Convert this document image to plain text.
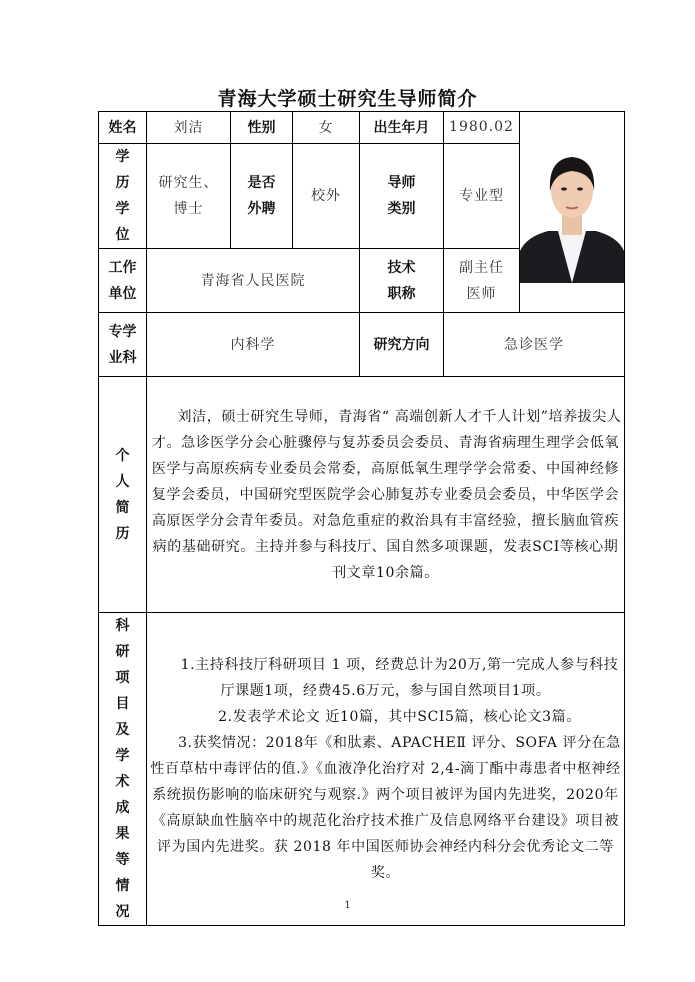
青海大学硕士研究生导师简介
姓名	刘洁	性别	女	出生年月	1980.02	
学历学位	研究生、博士	是否外聘	校外	导师类别	专业型	
工作单位	青海省人民医院			技术职称	副主任医师	
专学业科	内科学			研究方向	急诊医学	
个人简历	刘洁，硕士研究生导师，青海省“ 高端创新人才千人计划”培养拔尖人才。急诊医学分会心脏骤停与复苏委员会委员、青海省病理生理学会低氧医学与高原疾病专业委员会常委，高原低氧生理学学会常委、中国神经修复学会委员，中国研究型医院学会心肺复苏专业委员会委员，中华医学会高原医学分会青年委员。对急危重症的救治具有丰富经验，擅长脑血管疾病的基础研究。主持并参与科技厅、国自然多项课题，发表SCI等核心期刊文章10余篇。					

科研项目及学术成果等情况	1.主持科技厅科研项目 1 项，经费总计为20万,第一完成人参与科技厅课题1项，经费45.6万元，参与国自然项目1项。

2.发表学术论文 近10篇，其中SCI5篇，核心论文3篇。

3.获奖情况：2018年《和肽素、APACHEⅡ 评分、SOFA 评分在急性百草枯中毒评估的值.》《血液净化治疗对 2,4-滴丁酯中毒患者中枢神经系统损伤影响的临床研究与观察.》两个项目被评为国内先进奖，2020年《高原缺血性脑卒中的规范化治疗技术推广及信息网络平台建设》项目被评为国内先进奖。获 2018 年中国医师协会神经内科分会优秀论文二等奖。					

1
